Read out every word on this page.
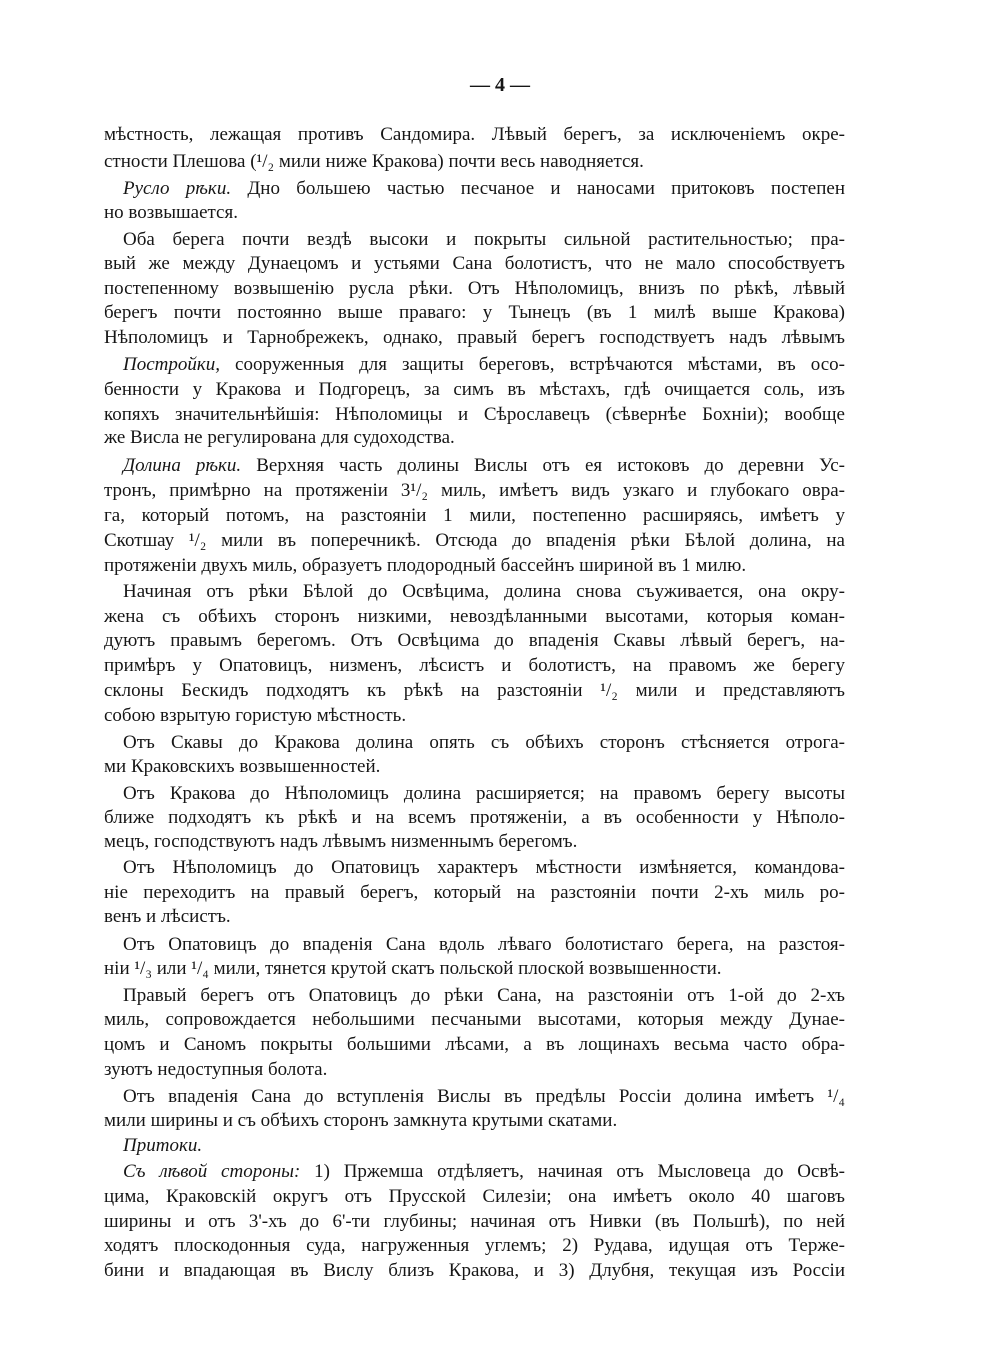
— 4 —
мѣстность, лежащая противъ Сандомира. Лѣвый берегъ, за исключеніемъ окре-
стности Плешова (¹/₂ мили ниже Кракова) почти весь наводняется.
Русло рѣки. Дно большею частью песчаное и наносами притоковъ постепен
но возвышается.
Оба берега почти вездѣ высоки и покрыты сильной растительностью; пра-
вый же между Дунаецомъ и устьями Сана болотистъ, что не мало способствуетъ
постепенному возвышенію русла рѣки. Отъ Нѣполомицъ, внизъ по рѣкѣ, лѣвый
берегъ почти постоянно выше праваго: у Тынецъ (въ 1 милѣ выше Кракова)
Нѣполомицъ и Тарнобрежекъ, однако, правый берегъ господствуетъ надъ лѣвымъ
Постройки, сооруженныя для защиты береговъ, встрѣчаются мѣстами, въ осо-
бенности у Кракова и Подгорецъ, за симъ въ мѣстахъ, гдѣ очищается соль, изъ
копяхъ значительнѣйшія: Нѣполомицы и Сѣрославецъ (сѣвернѣе Бохніи); вообще
же Висла не регулирована для судоходства.
Долина рѣки. Верхняя часть долины Вислы отъ ея истоковъ до деревни Ус-
тронъ, примѣрно на протяженіи 3¹/₂ миль, имѣетъ видъ узкаго и глубокаго овра-
га, который потомъ, на разстояніи 1 мили, постепенно расширяясь, имѣетъ у
Скотшау ¹/₂ мили въ поперечникѣ. Отсюда до впаденія рѣки Бѣлой долина, на
протяженіи двухъ миль, образуетъ плодородный бассейнъ шириной въ 1 милю.
Начиная отъ рѣки Бѣлой до Освѣцима, долина снова съуживается, она окру-
жена съ обѣихъ сторонъ низкими, невоздѣланными высотами, которыя коман-
дуютъ правымъ берегомъ. Отъ Освѣцима до впаденія Скавы лѣвый берегъ, на-
примѣръ у Опатовицъ, низменъ, лѣсистъ и болотистъ, на правомъ же берегу
склоны Бескидъ подходятъ къ рѣкѣ на разстояніи ¹/₂ мили и представляютъ
собою взрытую гористую мѣстность.
Отъ Скавы до Кракова долина опять съ обѣихъ сторонъ стѣсняется отрога-
ми Краковскихъ возвышенностей.
Отъ Кракова до Нѣполомицъ долина расширяется; на правомъ берегу высоты
ближе подходятъ къ рѣкѣ и на всемъ протяженіи, а въ особенности у Нѣполо-
мецъ, господствуютъ надъ лѣвымъ низменнымъ берегомъ.
Отъ Нѣполомицъ до Опатовицъ характеръ мѣстности измѣняется, командова-
ніе переходитъ на правый берегъ, который на разстояніи почти 2-хъ миль ро-
венъ и лѣсистъ.
Отъ Опатовицъ до впаденія Сана вдоль лѣваго болотистаго берега, на разстоя-
ніи ¹/₃ или ¹/₄ мили, тянется крутой скатъ польской плоской возвышенности.
Правый берегъ отъ Опатовицъ до рѣки Сана, на разстояніи отъ 1-ой до 2-хъ
миль, сопровождается небольшими песчаными высотами, которыя между Дунае-
цомъ и Саномъ покрыты большими лѣсами, а въ лощинахъ весьма часто обра-
зуютъ недоступныя болота.
Отъ впаденія Сана до вступленія Вислы въ предѣлы Россіи долина имѣетъ ¹/₄
мили ширины и съ обѣихъ сторонъ замкнута крутыми скатами.
Притоки.
Съ лѣвой стороны: 1) Пржемша отдѣляетъ, начиная отъ Мысловеца до Освѣ-
цима, Краковскій округъ отъ Прусской Силезіи; она имѣетъ около 40 шаговъ
ширины и отъ 3'-хъ до 6'-ти глубины; начиная отъ Нивки (въ Польшѣ), по ней
ходятъ плоскодонныя суда, нагруженныя углемъ; 2) Рудава, идущая отъ Терже-
бини и впадающая въ Вислу близъ Кракова, и 3) Длубня, текущая изъ Россіи
